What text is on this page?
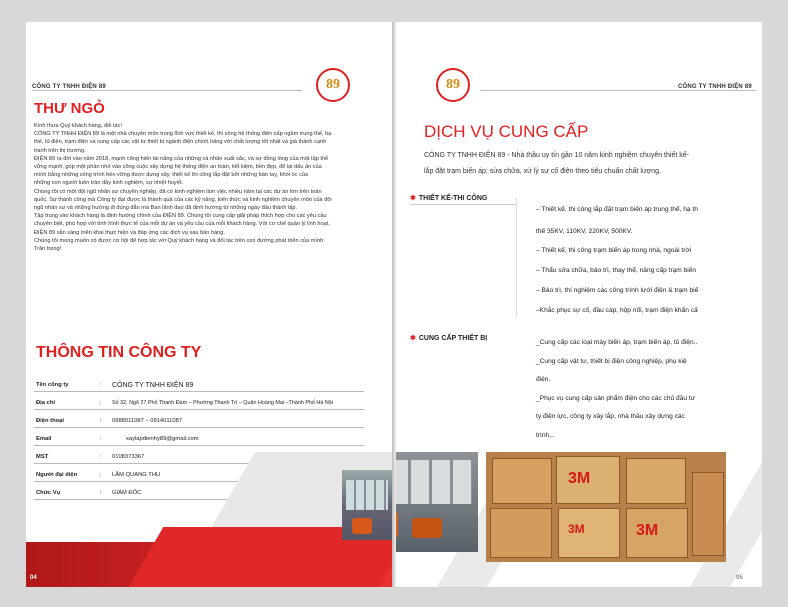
CÔNG TY TNHH ĐIỆN 89	89
THƯ NGỎ

Kính thưa Quý khách hàng, đối tác!

CÔNG TY TNHH ĐIỆN 89 là một nhà chuyên môn trong lĩnh vực thiết kế, thi công hệ thống điện cấp ngầm trung thế, hạ

thế, tủ điện, trạm điện và cung cấp các vật tư thiết bị ngành điện chính hãng với chất lượng tốt nhất và giá thành cạnh

tranh trên thị trường.

ĐIỆN 89 ra đời vào năm 2018, mạnh công hiến tài năng của những cá nhân xuất sắc, và sự đồng lòng của một tập thể

vững mạnh, góp một phần nhỏ vào công cuộc xây dựng hệ thống điện an toàn, tiết kiệm, bền đẹp, để lại dấu ấn của

mình bằng những công trình bền vững được dựng xây, thiết kế thi công lắp đặt bởi những bàn tay, khối óc của

những con người luôn tràn đầy kinh nghiệm, sự nhiệt huyết.

Chúng tôi có một đội ngũ nhân sự chuyên nghiệp, đã có kinh nghiệm làm việc nhiều năm tại các dự án lớn trên toàn

quốc. Sự thành công mà Công ty đạt được là thành quả của các kỹ năng, kiến thức và kinh nghiệm chuyên môn của đội

ngũ nhân sự và những hướng đi đúng đắn mà Ban lãnh đạo đã định hướng từ những ngày đầu thành lập.

Tập trung vào khách hàng là định hướng chính của ĐIỆN 89. Chúng tôi cung cấp giải pháp thích hợp cho các yêu cầu

chuyên biệt, phù hợp với tình hình thực tế của mỗi dự án và yêu cầu của mỗi khách hàng. Với cơ chế quản lý linh hoạt,

ĐIỆN 89 sẵn sàng triển khai thực hiện và đáp ứng các dịch vụ sau bán hàng.

Chúng tôi mong muốn có được cơ hội để hợp tác với Quý khách hàng và đối tác trên con đường phát triển của mình.

Trân trọng!

THÔNG TIN CÔNG TY
Tên công ty	: CÔNG TY TNHH ĐIỆN 89
Địa chỉ	: Số 32, Ngõ 27 Phố Thanh Đàm – Phường Thanh Trì – Quận Hoàng Mai –Thành Phố Hà Nội
Điện thoại	: 0988011087 – 0914011087
Email	:	xaylapdienhy89@gmail.com
MST	: 0108373367
Người đại diện	: LÂM QUANG THU
Chức Vụ	: GIÁM ĐỐC
04
89	CÔNG TY TNHH ĐIỆN 89
DỊCH VỤ CUNG CẤP

CÔNG TY TNHH ĐIỆN 89 - Nhà thầu uy tín gần 10 năm kinh nghiệm chuyên thiết kế-

lắp đặt trạm biến áp; sửa chữa, xử lý sự cố điện theo tiêu chuẩn chất lượng.

✱ THIẾT KẾ-THI CÔNG
– Thiết kế, thi công lắp đặt trạm biến áp trung thế, hạ th
thế 35KV, 110KV, 220KV, 500KV.
– Thiết kế, thi công trạm biến áp trong nhà, ngoài trời
– Thẩu sửa chữa, bảo trì, thay thế, nâng cấp trạm biến
– Bảo trì, thí nghiệm các công trình lưới điện & trạm biế
–Khắc phục sự cố, đầu cáp, hộp nối, trạm điện khẩn cấ
✱ CUNG CẤP THIẾT BỊ
_Cung cấp các loại máy biến áp, trạm biến áp, tủ điện..
_Cung cấp vật tư, thiết bị điện công nghiệp, phụ kiệ
điện.
_Phục vụ cung cấp sản phẩm điện cho các chủ đầu tư
ty điện lực, công ty xây lắp, nhà thầu xây dựng các
trình,..
3M
3M
3M
05
